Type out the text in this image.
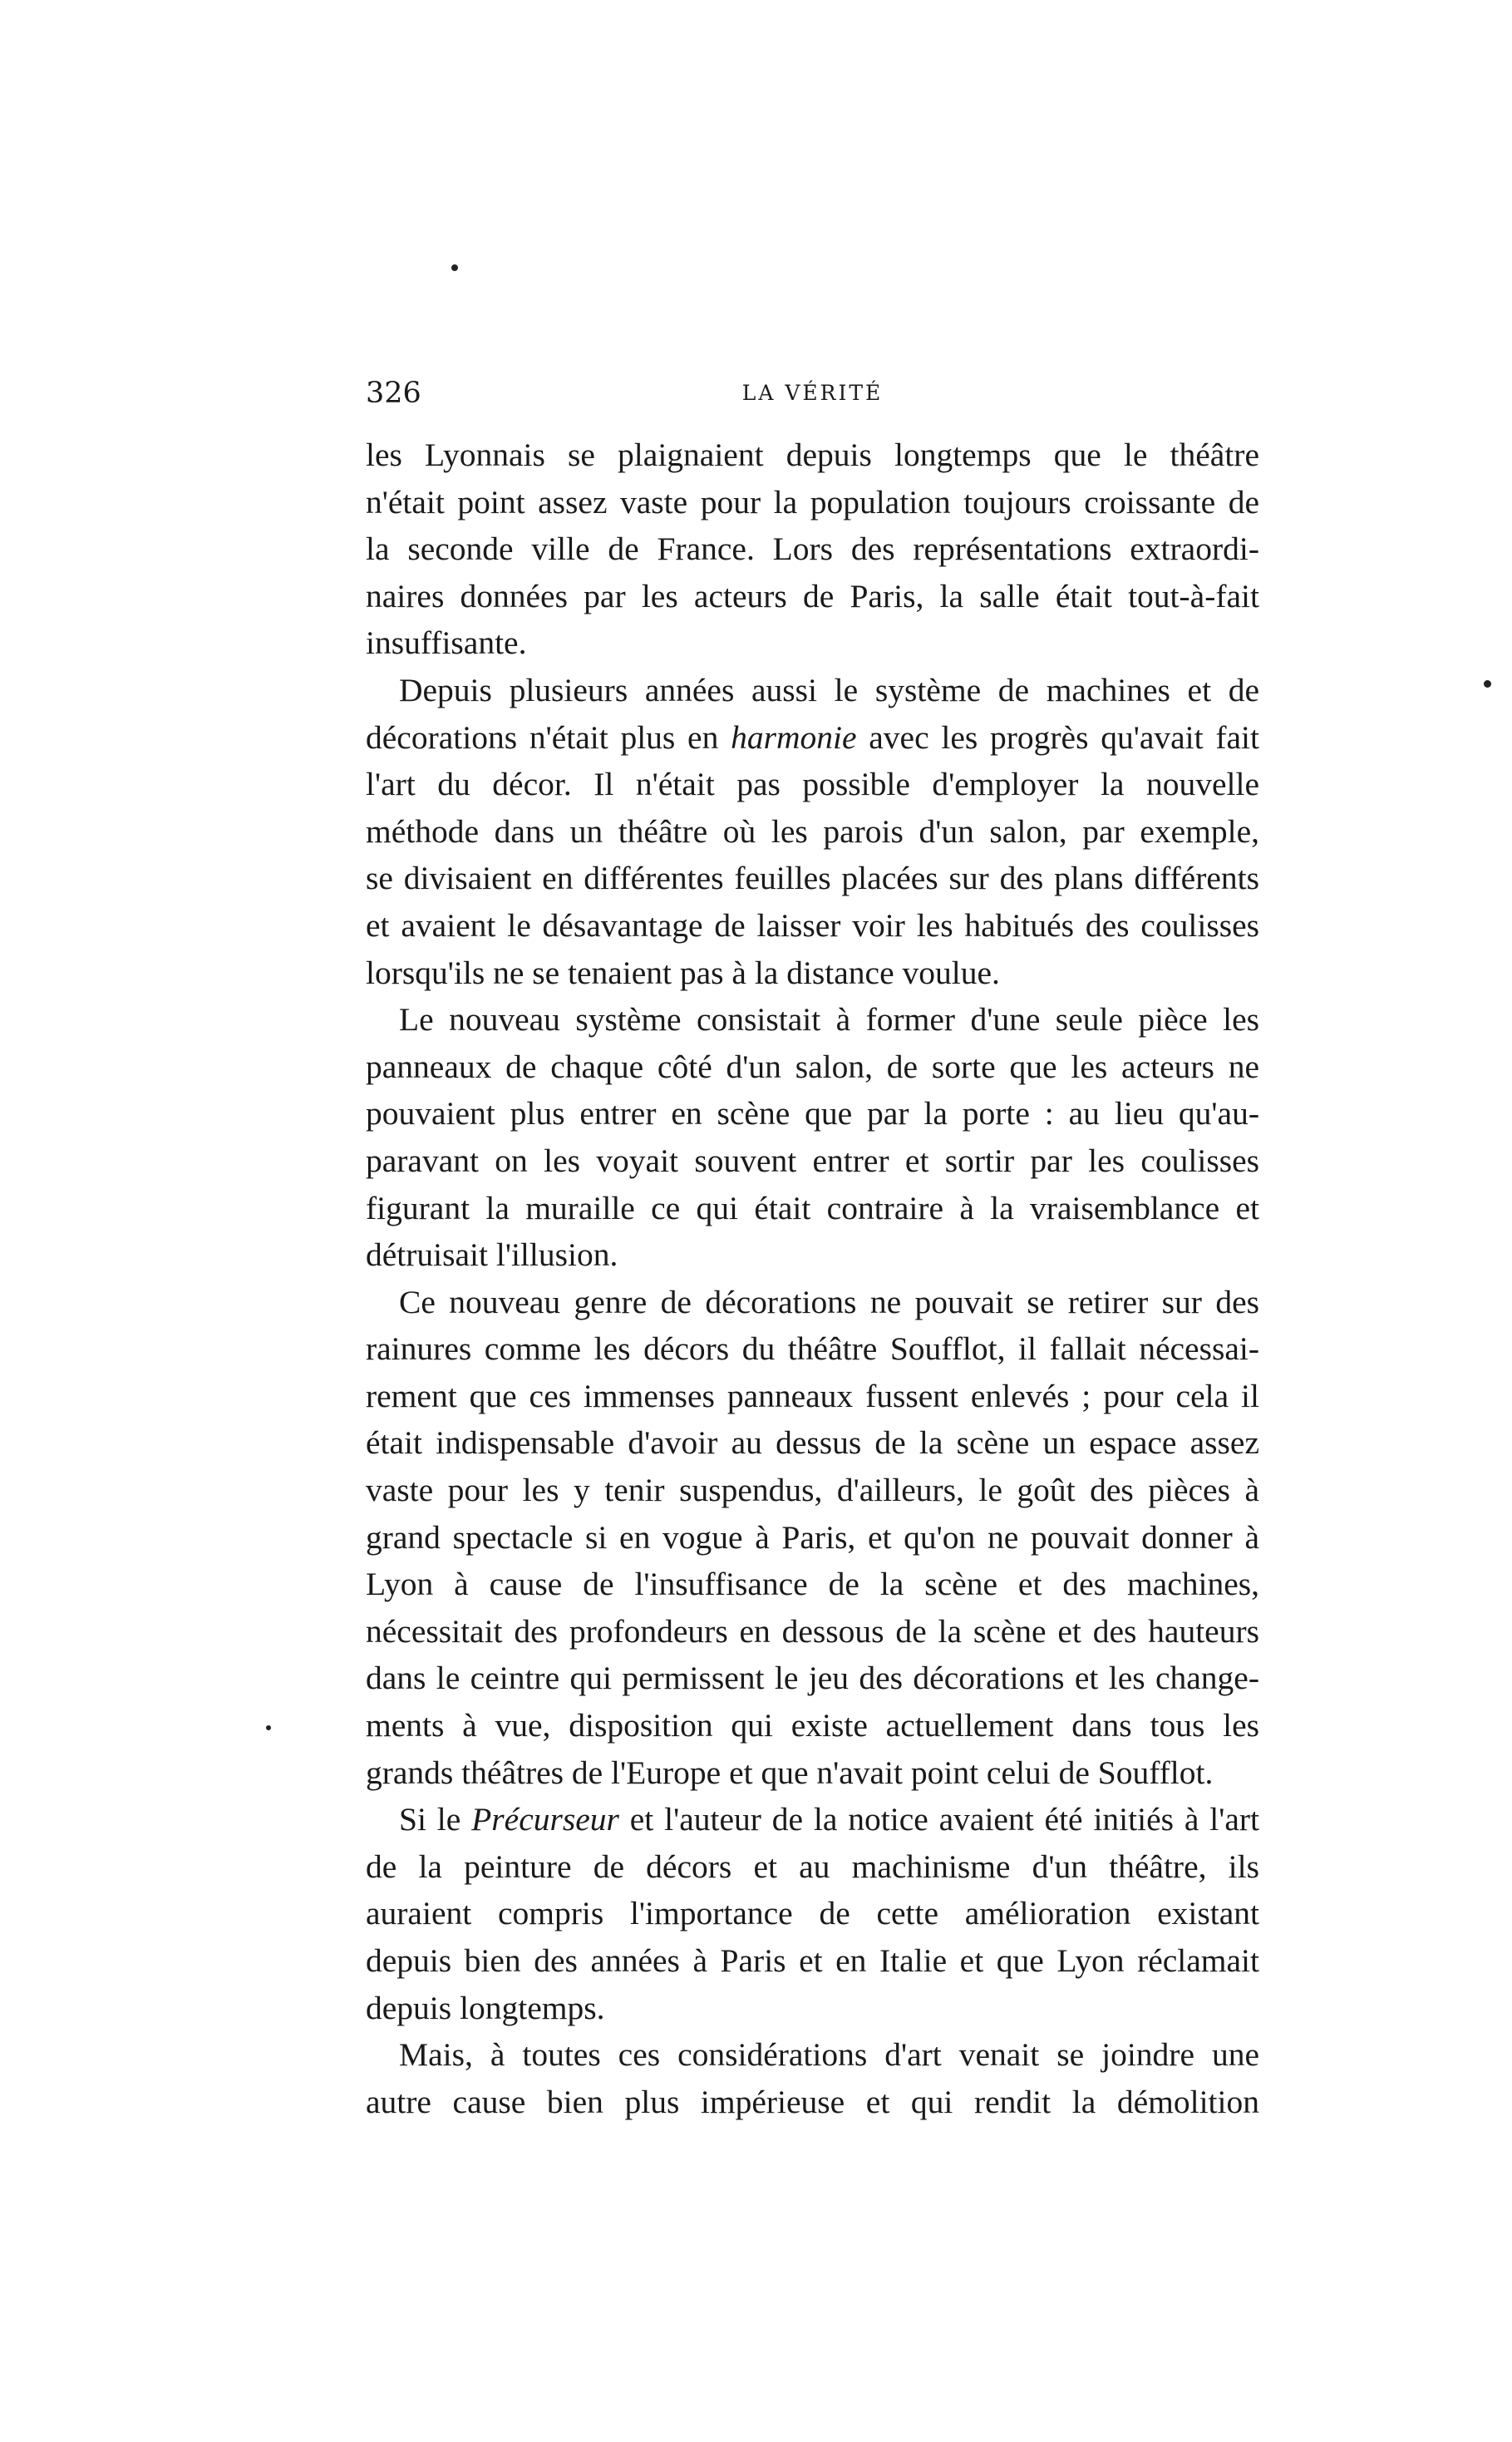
326	LA VÉRITÉ
les Lyonnais se plaignaient depuis longtemps que le théâtre
n'était point assez vaste pour la population toujours croissante de
la seconde ville de France. Lors des représentations extraordi-
naires données par les acteurs de Paris, la salle était tout-à-fait
insuffisante.
Depuis plusieurs années aussi le système de machines et de
décorations n'était plus en harmonie avec les progrès qu'avait fait
l'art du décor. Il n'était pas possible d'employer la nouvelle
méthode dans un théâtre où les parois d'un salon, par exemple,
se divisaient en différentes feuilles placées sur des plans différents
et avaient le désavantage de laisser voir les habitués des coulisses
lorsqu'ils ne se tenaient pas à la distance voulue.
Le nouveau système consistait à former d'une seule pièce les
panneaux de chaque côté d'un salon, de sorte que les acteurs ne
pouvaient plus entrer en scène que par la porte : au lieu qu'au-
paravant on les voyait souvent entrer et sortir par les coulisses
figurant la muraille ce qui était contraire à la vraisemblance et
détruisait l'illusion.
Ce nouveau genre de décorations ne pouvait se retirer sur des
rainures comme les décors du théâtre Soufflot, il fallait nécessai-
rement que ces immenses panneaux fussent enlevés ; pour cela il
était indispensable d'avoir au dessus de la scène un espace assez
vaste pour les y tenir suspendus, d'ailleurs, le goût des pièces à
grand spectacle si en vogue à Paris, et qu'on ne pouvait donner à
Lyon à cause de l'insuffisance de la scène et des machines,
nécessitait des profondeurs en dessous de la scène et des hauteurs
dans le ceintre qui permissent le jeu des décorations et les change-
ments à vue, disposition qui existe actuellement dans tous les
grands théâtres de l'Europe et que n'avait point celui de Soufflot.
Si le Précurseur et l'auteur de la notice avaient été initiés à l'art
de la peinture de décors et au machinisme d'un théâtre, ils
auraient compris l'importance de cette amélioration existant
depuis bien des années à Paris et en Italie et que Lyon réclamait
depuis longtemps.
Mais, à toutes ces considérations d'art venait se joindre une
autre cause bien plus impérieuse et qui rendit la démolition
